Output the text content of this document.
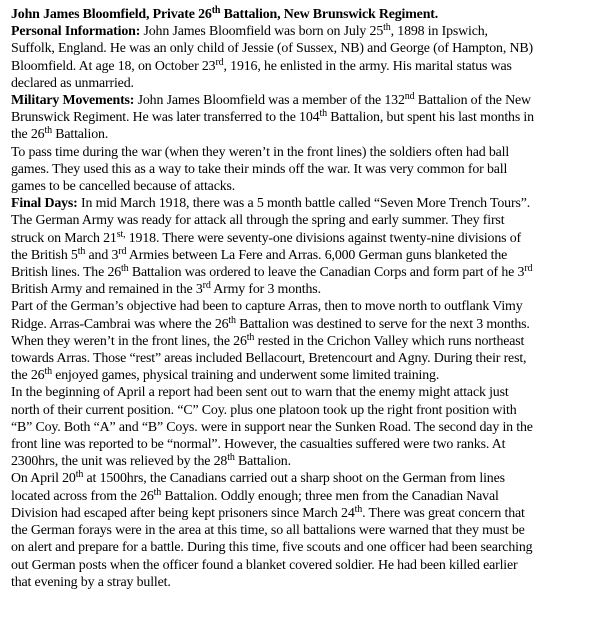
John James Bloomfield, Private 26th Battalion, New Brunswick Regiment.
Personal Information: John James Bloomfield was born on July 25th, 1898 in Ipswich,
Suffolk, England. He was an only child of Jessie (of Sussex, NB) and George (of Hampton, NB)
Bloomfield. At age 18, on October 23rd, 1916, he enlisted in the army. His marital status was
declared as unmarried.
Military Movements: John James Bloomfield was a member of the 132nd Battalion of the New
Brunswick Regiment. He was later transferred to the 104th Battalion, but spent his last months in
the 26th Battalion.
To pass time during the war (when they weren’t in the front lines) the soldiers often had ball
games. They used this as a way to take their minds off the war. It was very common for ball
games to be cancelled because of attacks.
Final Days: In mid March 1918, there was a 5 month battle called “Seven More Trench Tours”.
The German Army was ready for attack all through the spring and early summer. They first
struck on March $21^{st,}$ 1918. There were seventy-one divisions against twenty-nine divisions of
the British 5th and 3rd Armies between La Fere and Arras. 6,000 German guns blanketed the
British lines. The 26th Battalion was ordered to leave the Canadian Corps and form part of he 3rd
British Army and remained in the 3rd Army for 3 months.
Part of the German’s objective had been to capture Arras, then to move north to outflank Vimy
Ridge. Arras-Cambrai was where the 26th Battalion was destined to serve for the next 3 months.
When they weren’t in the front lines, the 26th rested in the Crichon Valley which runs northeast
towards Arras. Those “rest” areas included Bellacourt, Bretencourt and Agny. During their rest,
the 26th enjoyed games, physical training and underwent some limited training.
In the beginning of April a report had been sent out to warn that the enemy might attack just
north of their current position. “C” Coy. plus one platoon took up the right front position with
“B” Coy. Both “A” and “B” Coys. were in support near the Sunken Road. The second day in the
front line was reported to be “normal”. However, the casualties suffered were two ranks. At
2300hrs, the unit was relieved by the 28th Battalion.
On April 20th at 1500hrs, the Canadians carried out a sharp shoot on the German from lines
located across from the 26th Battalion. Oddly enough; three men from the Canadian Naval
Division had escaped after being kept prisoners since March 24th. There was great concern that
the German forays were in the area at this time, so all battalions were warned that they must be
on alert and prepare for a battle. During this time, five scouts and one officer had been searching
out German posts when the officer found a blanket covered soldier. He had been killed earlier
that evening by a stray bullet.
